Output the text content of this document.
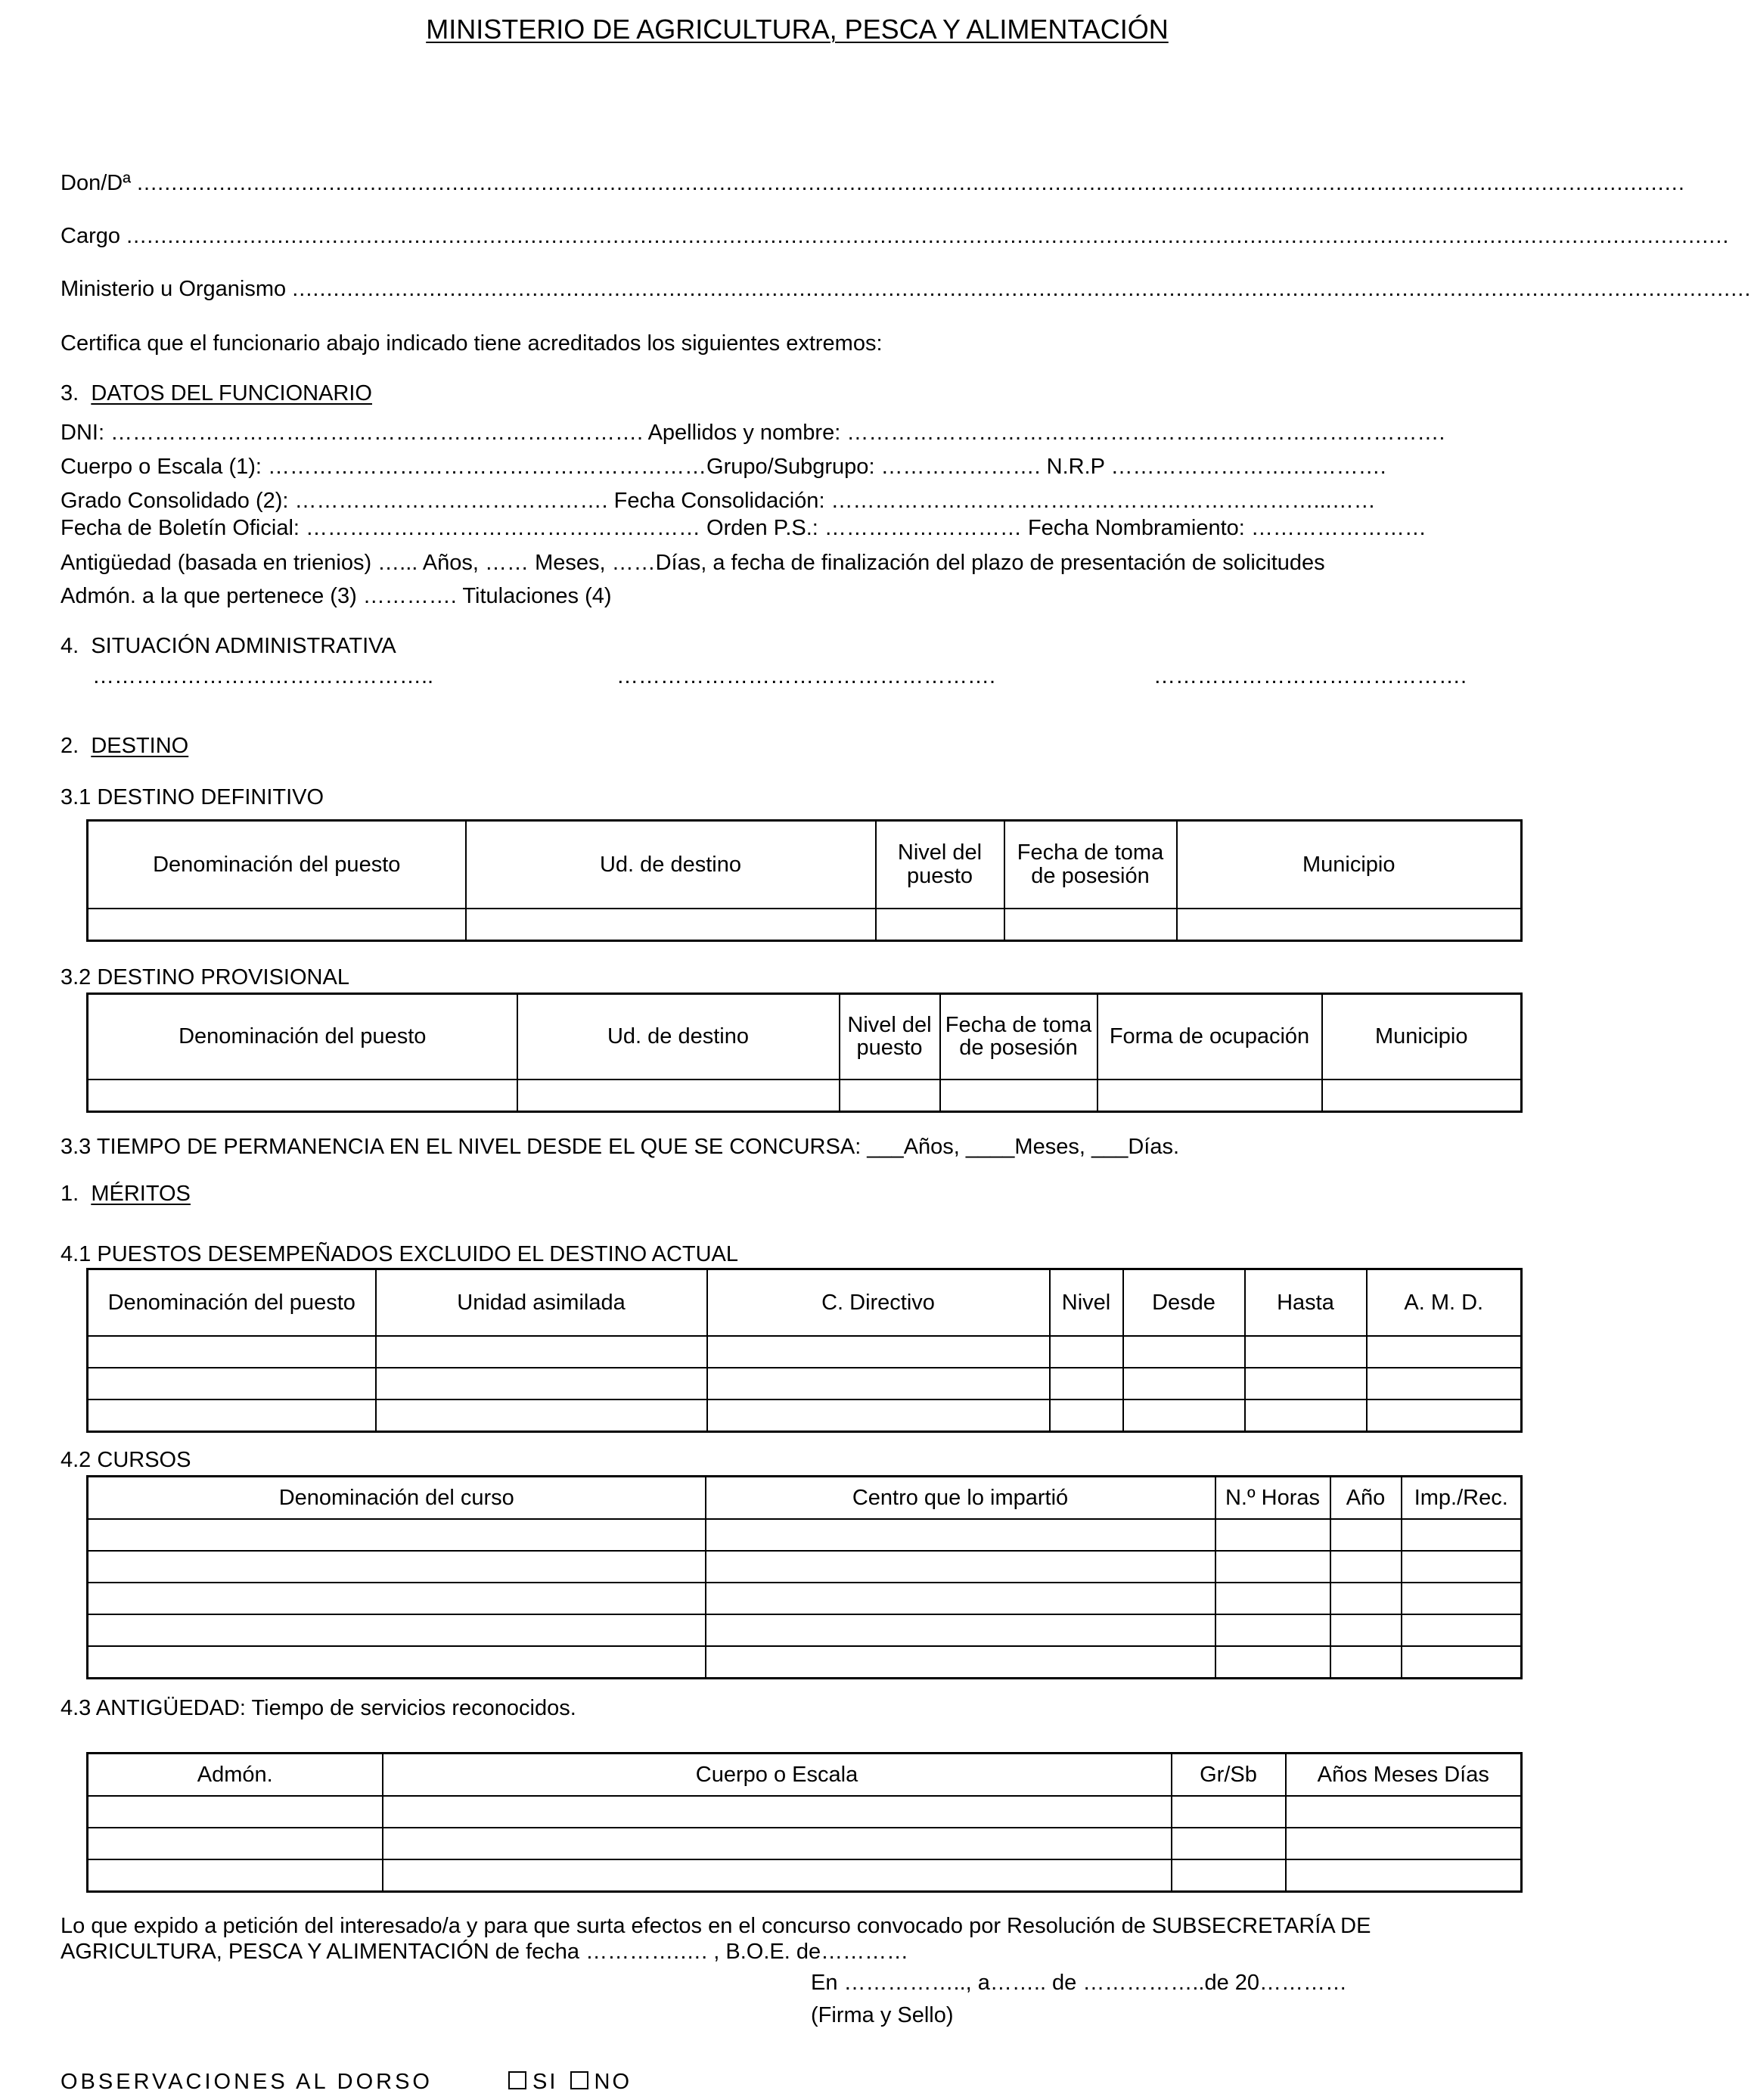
MINISTERIO DE AGRICULTURA, PESCA Y ALIMENTACIÓN
Don/Dª ..................................................................................................................................................................................................................................
Cargo ..........................................................................................................................................................................................................................................
Ministerio u Organismo .....................................................................................................................................................................................................................
Certifica que el funcionario abajo indicado tiene acreditados los siguientes extremos:
3. DATOS DEL FUNCIONARIO
DNI: ………………………………………………………………. Apellidos y nombre: ……………………………………………………………………….
Cuerpo o Escala (1): ……………………………………………………Grupo/Subgrupo: …………………. N.R.P …………………….………….
Grado Consolidado (2): ……………………………………. Fecha Consolidación: …………………………………………………………...……
Fecha de Boletín Oficial: ……………………………………………… Orden P.S.: ……………………… Fecha Nombramiento: ……………………
Antigüedad (basada en trienios) …... Años, …… Meses, ……Días, a fecha de finalización del plazo de presentación de solicitudes
Admón. a la que pertenece (3) …………. Titulaciones (4)
4. SITUACIÓN ADMINISTRATIVA
………………………………………..	…………………………………………….	…………………………………….
2. DESTINO
3.1 DESTINO DEFINITIVO
Denominación del puesto	Ud. de destino	Nivel del puesto	Fecha de toma de posesión	Municipio

3.2 DESTINO PROVISIONAL
Denominación del puesto	Ud. de destino	Nivel del puesto	Fecha de toma de posesión	Forma de ocupación	Municipio

3.3 TIEMPO DE PERMANENCIA EN EL NIVEL DESDE EL QUE SE CONCURSA: ___Años, ____Meses, ___Días.
1. MÉRITOS
4.1 PUESTOS DESEMPEÑADOS EXCLUIDO EL DESTINO ACTUAL
Denominación del puesto	Unidad asimilada	C. Directivo	Nivel	Desde	Hasta	A. M. D.

4.2 CURSOS
Denominación del curso	Centro que lo impartió	N.º Horas	Año	Imp./Rec.

4.3 ANTIGÜEDAD: Tiempo de servicios reconocidos.
Admón.	Cuerpo o Escala	Gr/Sb	Años Meses Días

Lo que expido a petición del interesado/a y para que surta efectos en el concurso convocado por Resolución de SUBSECRETARÍA DE
AGRICULTURA, PESCA Y ALIMENTACIÓN de fecha ………….…. , B.O.E. de…………
En …………….., a…….. de ……………..de 20…………
(Firma y Sello)
OBSERVACIONES AL DORSO	SI NO
